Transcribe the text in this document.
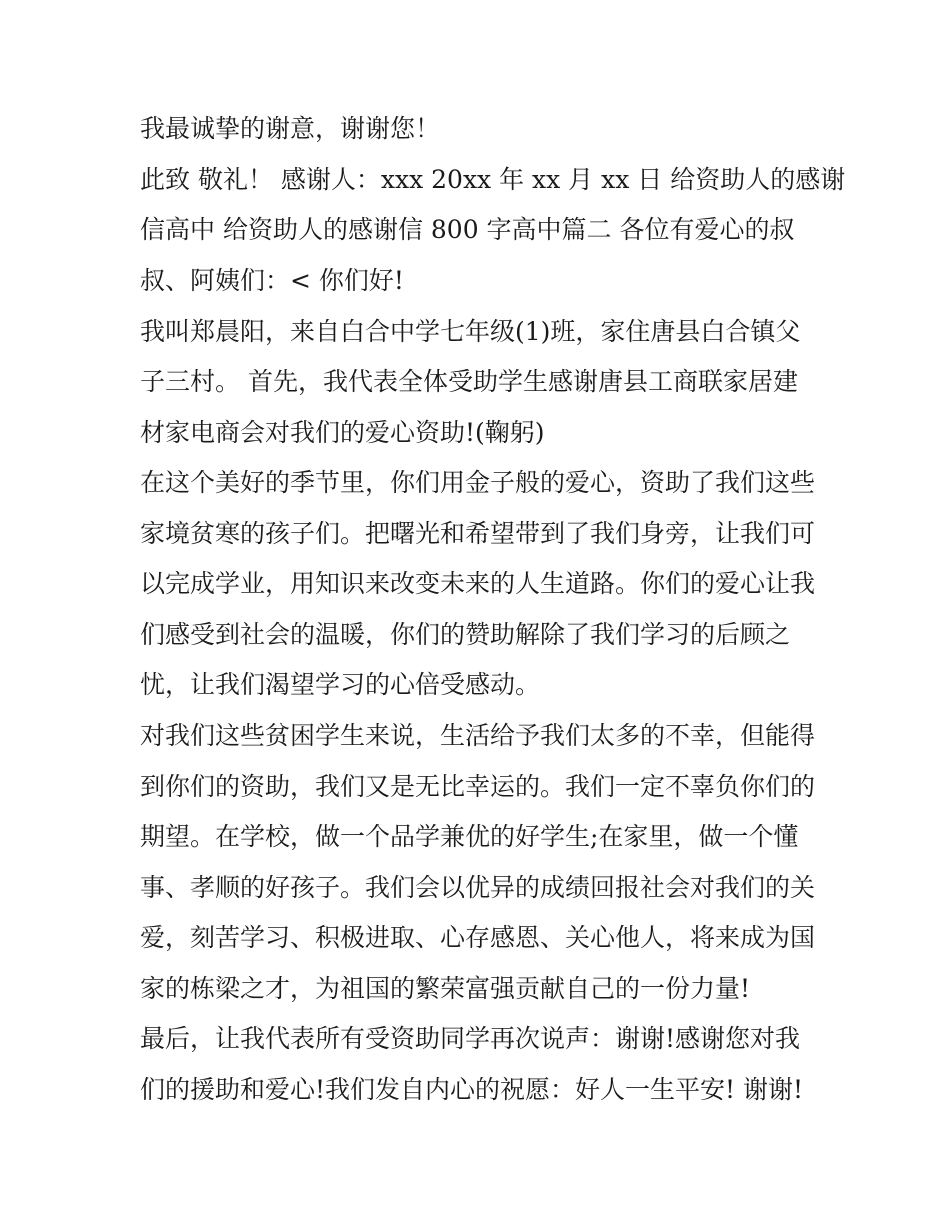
我最诚挚的谢意，谢谢您！
此致 敬礼！ 感谢人：xxx 20xx 年 xx 月 xx 日 给资助人的感谢
信高中 给资助人的感谢信 800 字高中篇二 各位有爱心的叔
叔、阿姨们：< 你们好!
我叫郑晨阳，来自白合中学七年级(1)班，家住唐县白合镇父
子三村。 首先，我代表全体受助学生感谢唐县工商联家居建
材家电商会对我们的爱心资助!(鞠躬)
在这个美好的季节里，你们用金子般的爱心，资助了我们这些
家境贫寒的孩子们。把曙光和希望带到了我们身旁，让我们可
以完成学业，用知识来改变未来的人生道路。你们的爱心让我
们感受到社会的温暖，你们的赞助解除了我们学习的后顾之
忧，让我们渴望学习的心倍受感动。
对我们这些贫困学生来说，生活给予我们太多的不幸，但能得
到你们的资助，我们又是无比幸运的。我们一定不辜负你们的
期望。在学校，做一个品学兼优的好学生;在家里，做一个懂
事、孝顺的好孩子。我们会以优异的成绩回报社会对我们的关
爱，刻苦学习、积极进取、心存感恩、关心他人，将来成为国
家的栋梁之才，为祖国的繁荣富强贡献自己的一份力量!
最后，让我代表所有受资助同学再次说声：谢谢!感谢您对我
们的援助和爱心!我们发自内心的祝愿：好人一生平安! 谢谢!
